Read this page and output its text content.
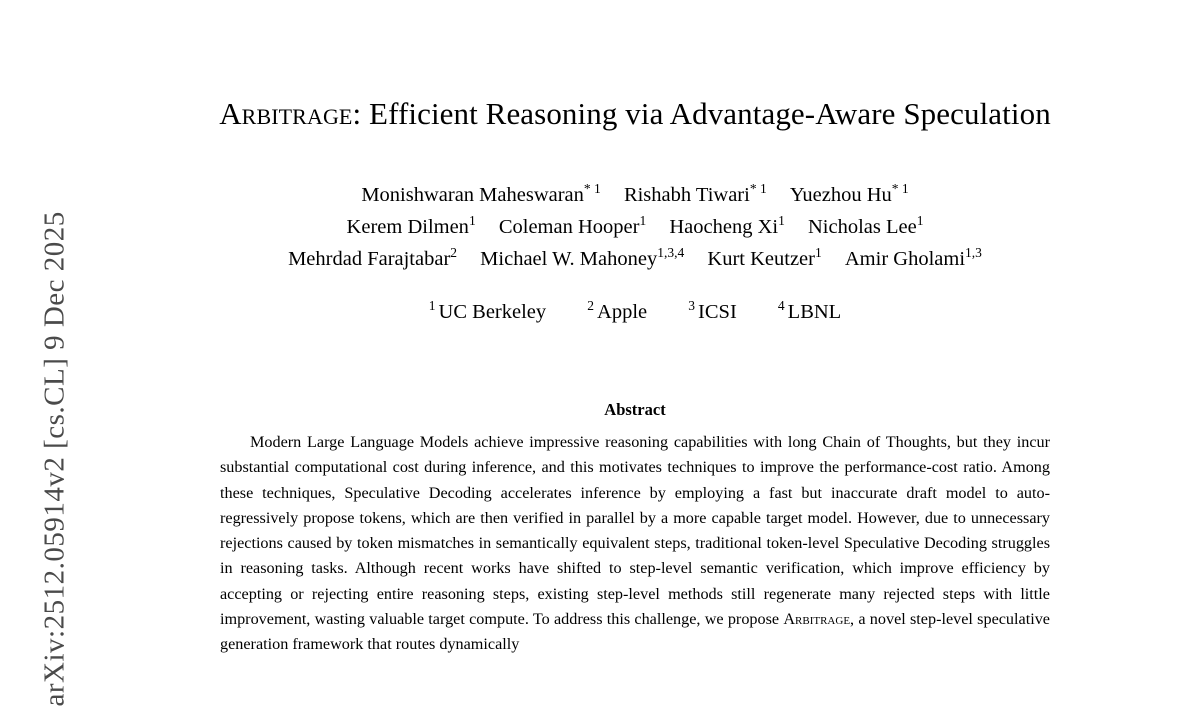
arXiv:2512.05914v2 [cs.CL] 9 Dec 2025
Arbitrage: Efficient Reasoning via Advantage-Aware Speculation
Monishwaran Maheswaran$^{* 1}$ Rishabh Tiwari$^{* 1}$ Yuezhou Hu$^{* 1}$
Kerem Dilmen$^1$ Coleman Hooper$^1$ Haocheng Xi$^1$ Nicholas Lee$^1$
Mehrdad Farajtabar$^2$ Michael W. Mahoney$^{1,3,4}$ Kurt Keutzer$^1$ Amir Gholami$^{1,3}$
$^1$ UC Berkeley	$^2$ Apple	$^3$ ICSI	$^4$ LBNL
Abstract
Modern Large Language Models achieve impressive reasoning capabilities with long Chain of Thoughts, but they incur substantial computational cost during inference, and this motivates techniques to improve the performance-cost ratio. Among these techniques, Speculative Decoding accelerates inference by employing a fast but inaccurate draft model to auto-regressively propose tokens, which are then verified in parallel by a more capable target model. However, due to unnecessary rejections caused by token mismatches in semantically equivalent steps, traditional token-level Speculative Decoding struggles in reasoning tasks. Although recent works have shifted to step-level semantic verification, which improve efficiency by accepting or rejecting entire reasoning steps, existing step-level methods still regenerate many rejected steps with little improvement, wasting valuable target compute. To address this challenge, we propose Arbitrage, a novel step-level speculative generation framework that routes dynamically
